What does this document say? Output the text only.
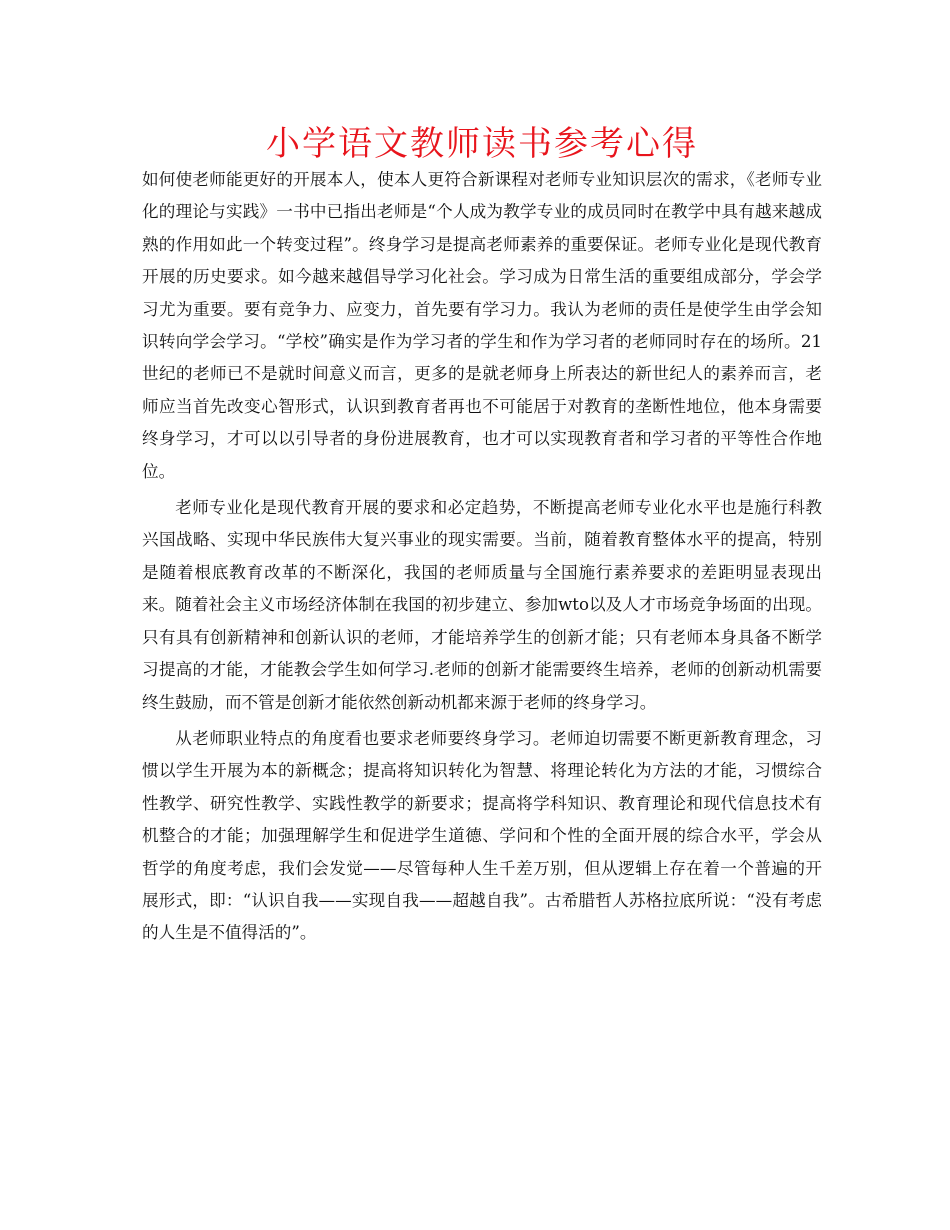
小学语文教师读书参考心得

如何使老师能更好的开展本人，使本人更符合新课程对老师专业知识层次的需求，《老师专业化的理论与实践》一书中已指出老师是“个人成为教学专业的成员同时在教学中具有越来越成熟的作用如此一个转变过程”。终身学习是提高老师素养的重要保证。老师专业化是现代教育开展的历史要求。如今越来越倡导学习化社会。学习成为日常生活的重要组成部分，学会学习尤为重要。要有竞争力、应变力，首先要有学习力。我认为老师的责任是使学生由学会知识转向学会学习。“学校”确实是作为学习者的学生和作为学习者的老师同时存在的场所。21世纪的老师已不是就时间意义而言，更多的是就老师身上所表达的新世纪人的素养而言，老师应当首先改变心智形式，认识到教育者再也不可能居于对教育的垄断性地位，他本身需要终身学习，才可以以引导者的身份进展教育，也才可以实现教育者和学习者的平等性合作地位。

老师专业化是现代教育开展的要求和必定趋势，不断提高老师专业化水平也是施行科教兴国战略、实现中华民族伟大复兴事业的现实需要。当前，随着教育整体水平的提高，特别是随着根底教育改革的不断深化，我国的老师质量与全国施行素养要求的差距明显表现出来。随着社会主义市场经济体制在我国的初步建立、参加wto以及人才市场竞争场面的出现。只有具有创新精神和创新认识的老师，才能培养学生的创新才能；只有老师本身具备不断学习提高的才能，才能教会学生如何学习.老师的创新才能需要终生培养，老师的创新动机需要终生鼓励，而不管是创新才能依然创新动机都来源于老师的终身学习。

从老师职业特点的角度看也要求老师要终身学习。老师迫切需要不断更新教育理念，习惯以学生开展为本的新概念；提高将知识转化为智慧、将理论转化为方法的才能，习惯综合性教学、研究性教学、实践性教学的新要求；提高将学科知识、教育理论和现代信息技术有机整合的才能；加强理解学生和促进学生道德、学问和个性的全面开展的综合水平，学会从哲学的角度考虑，我们会发觉——尽管每种人生千差万别，但从逻辑上存在着一个普遍的开展形式，即：“认识自我——实现自我——超越自我”。古希腊哲人苏格拉底所说：“没有考虑的人生是不值得活的”。
